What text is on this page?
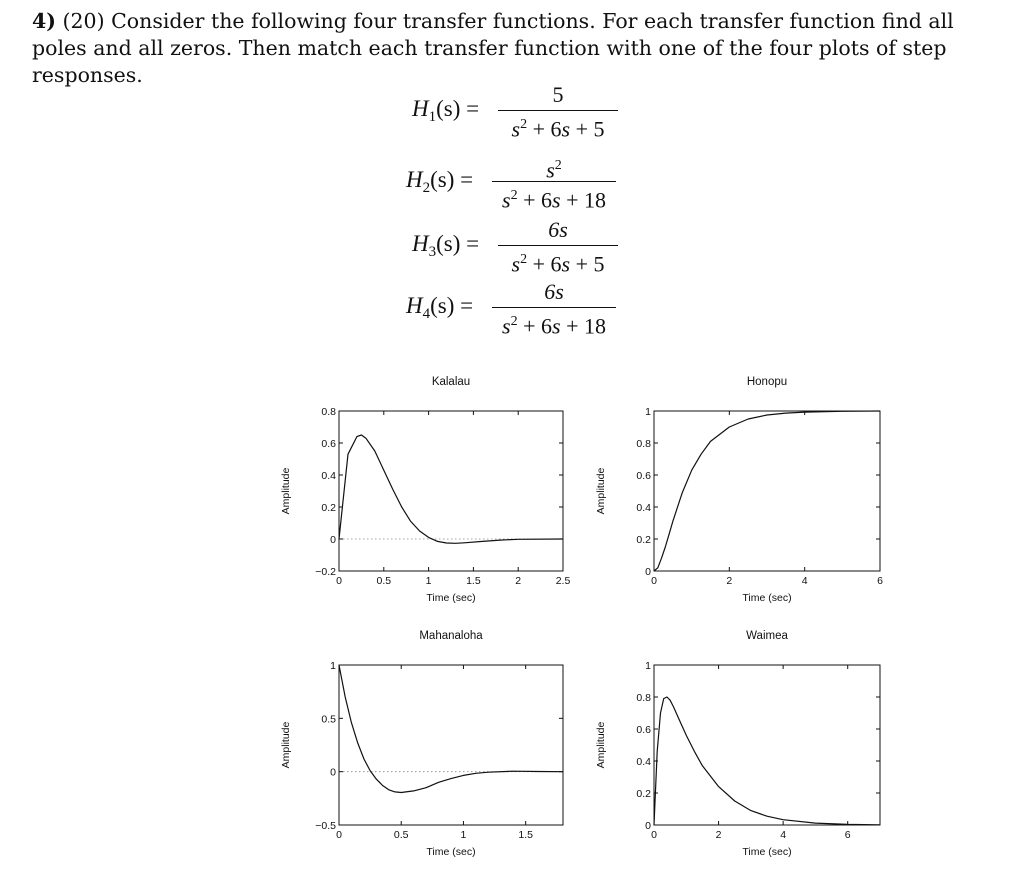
4) (20) Consider the following four transfer functions. For each transfer function find all poles and all zeros. Then match each transfer function with one of the four plots of step responses.
$H_1(s)$ =
5
$s^2 + 6s + 5$
$H_2(s)$ =	$s^2$
$s^2 + 6s + 18$
$H_3(s)$ =
6s
$s^2 + 6s + 5$
$H_4(s)$ =
6s
$s^2 + 6s + 18$
Kalalau
0	0.5	1	1.5	2	2.5
−0.2
0
0.2
0.4
0.6
0.8
Time (sec)
Amplitude
Honopu
0	2	4	6
0
0.2
0.4
0.6
0.8
1
Time (sec)
Amplitude
Mahanaloha
0	0.5	1	1.5
−0.5
0
0.5
1
Time (sec)
Amplitude
Waimea
0	2	4	6
0
0.2
0.4
0.6
0.8
1
Time (sec)
Amplitude
